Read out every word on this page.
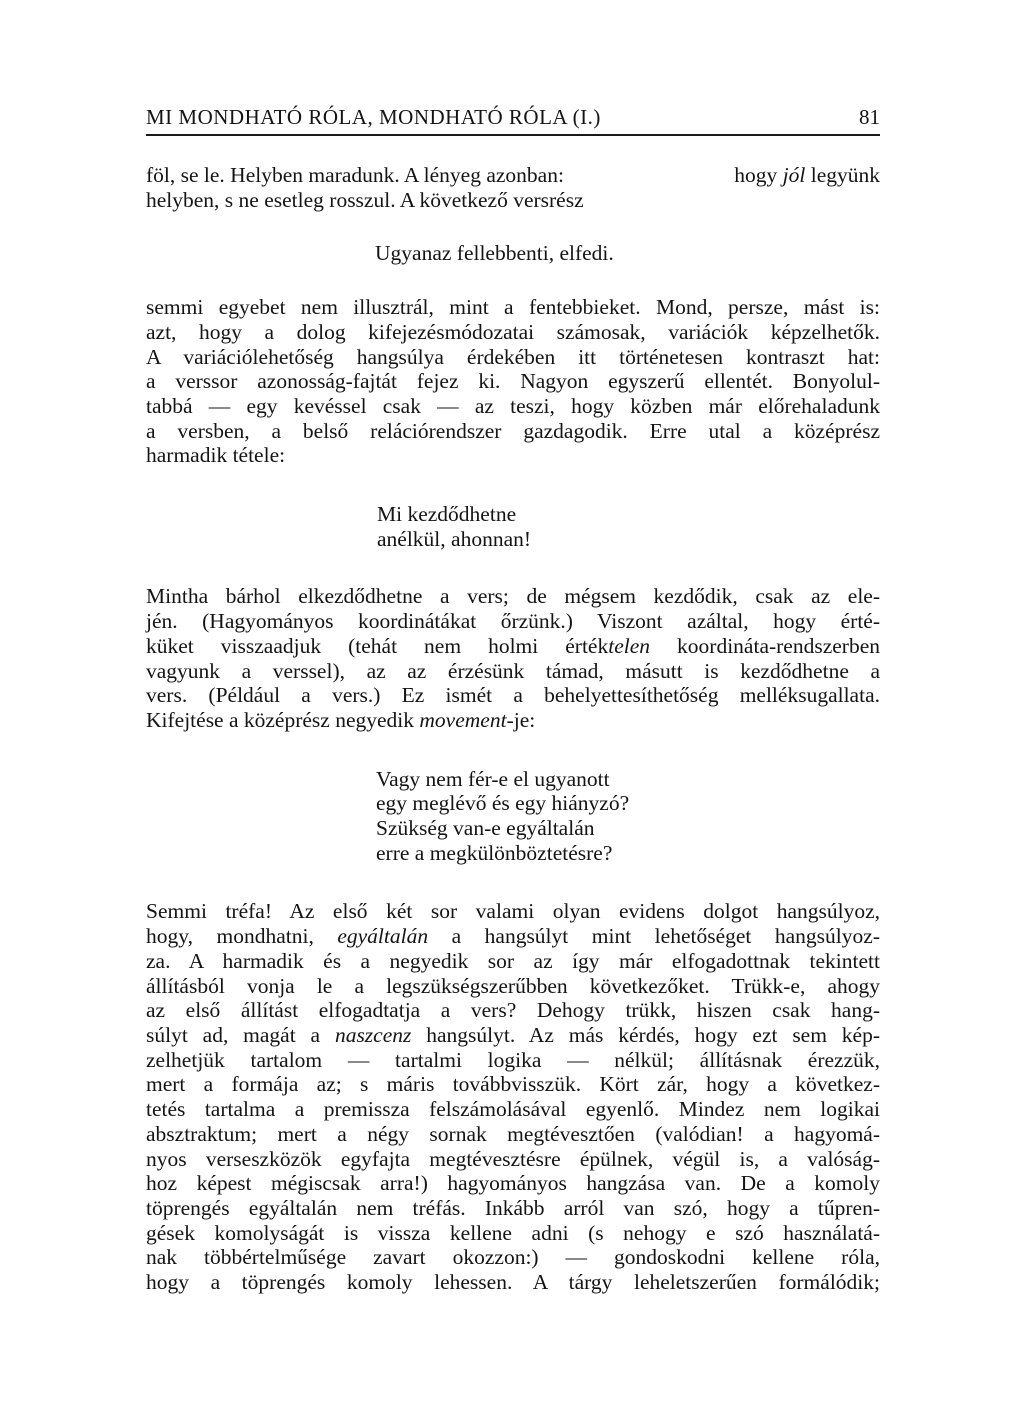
MI MONDHATÓ RÓLA, MONDHATÓ RÓLA (I.)	81

föl, se le. Helyben maradunk. A lényeg azonban:	hogy jól legyünk
helyben, s ne esetleg rosszul. A következő versrész

Ugyanaz fellebbenti, elfedi.

semmi egyebet nem illusztrál, mint a fentebbieket. Mond, persze, mást is:
azt, hogy a dolog kifejezésmódozatai számosak, variációk képzelhetők.
A variációlehetőség hangsúlya érdekében itt történetesen kontraszt hat:
a verssor azonosság-fajtát fejez ki. Nagyon egyszerű ellentét. Bonyolul-
tabbá — egy kevéssel csak — az teszi, hogy közben már előrehaladunk
a versben, a belső relációrendszer gazdagodik. Erre utal a középrész
harmadik tétele:

Mi kezdődhetne
anélkül, ahonnan!

Mintha bárhol elkezdődhetne a vers; de mégsem kezdődik, csak az ele-
jén. (Hagyományos koordinátákat őrzünk.) Viszont azáltal, hogy érté-
küket visszaadjuk (tehát nem holmi értéktelen koordináta-rendszerben
vagyunk a verssel), az az érzésünk támad, másutt is kezdődhetne a
vers. (Például a vers.) Ez ismét a behelyettesíthetőség melléksugallata.
Kifejtése a középrész negyedik movement-je:

Vagy nem fér-e el ugyanott
egy meglévő és egy hiányzó?
Szükség van-e egyáltalán
erre a megkülönböztetésre?

Semmi tréfa! Az első két sor valami olyan evidens dolgot hangsúlyoz,
hogy, mondhatni, egyáltalán a hangsúlyt mint lehetőséget hangsúlyoz-
za. A harmadik és a negyedik sor az így már elfogadottnak tekintett
állításból vonja le a legszükségszerűbben következőket. Trükk-e, ahogy
az első állítást elfogadtatja a vers? Dehogy trükk, hiszen csak hang-
súlyt ad, magát a naszcenz hangsúlyt. Az más kérdés, hogy ezt sem kép-
zelhetjük tartalom — tartalmi logika — nélkül; állításnak érezzük,
mert a formája az; s máris továbbvisszük. Kört zár, hogy a következ-
tetés tartalma a premissza felszámolásával egyenlő. Mindez nem logikai
absztraktum; mert a négy sornak megtévesztően (valódian! a hagyomá-
nyos verseszközök egyfajta megtévesztésre épülnek, végül is, a valóság-
hoz képest mégiscsak arra!) hagyományos hangzása van. De a komoly
töprengés egyáltalán nem tréfás. Inkább arról van szó, hogy a tűpren-
gések komolyságát is vissza kellene adni (s nehogy e szó használatá-
nak többértelműsége zavart okozzon:) — gondoskodni kellene róla,
hogy a töprengés komoly lehessen. A tárgy leheletszerűen formálódik;
